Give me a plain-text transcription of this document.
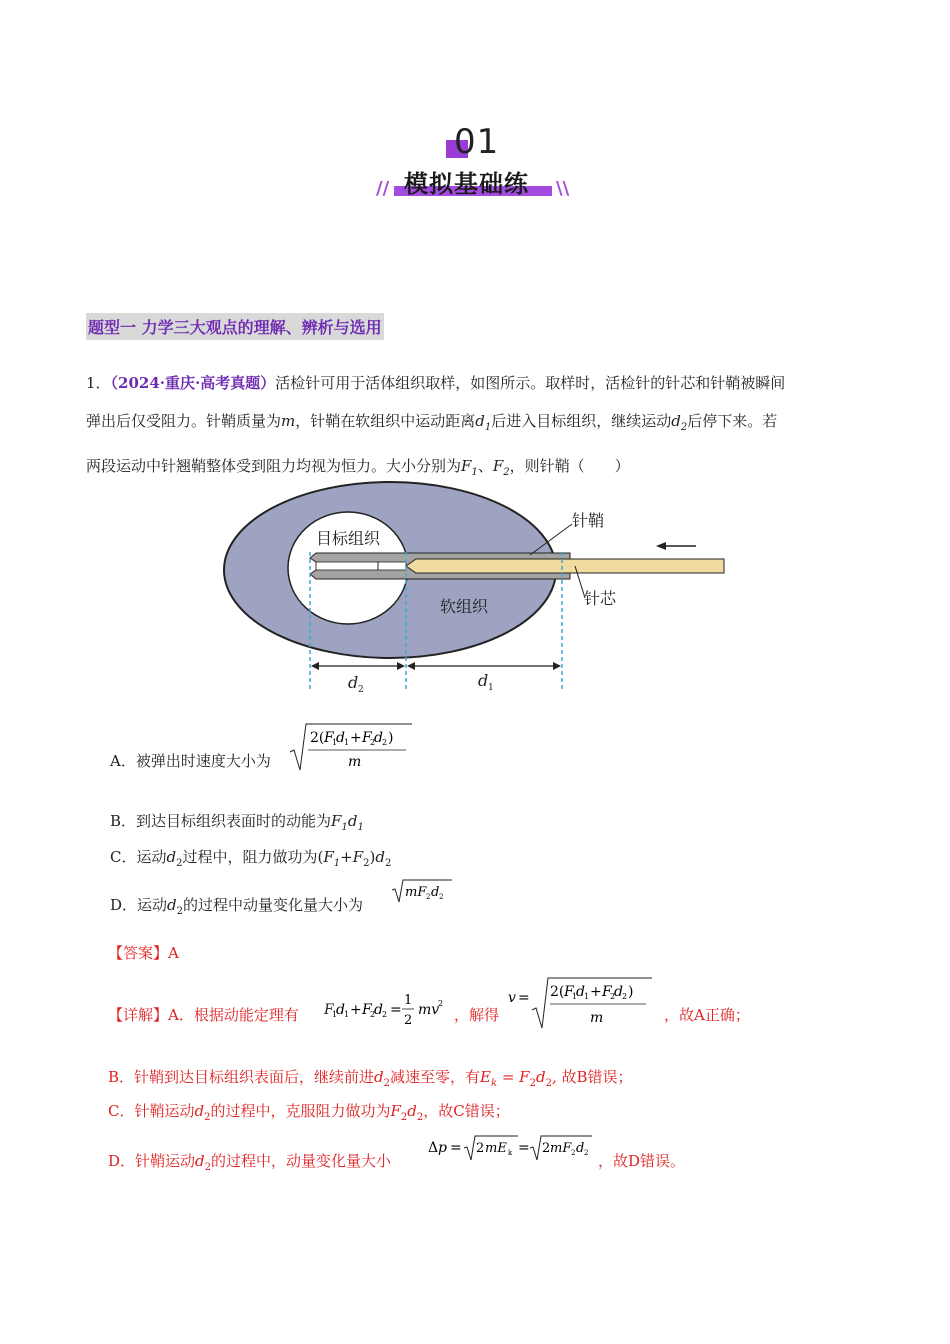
01
模拟基础练
//	\\
题型一 力学三大观点的理解、辨析与选用
1．（2024·重庆·高考真题）活检针可用于活体组织取样，如图所示。取样时，活检针的针芯和针鞘被瞬间
弹出后仅受阻力。针鞘质量为m，针鞘在软组织中运动距离$d_1$后进入目标组织，继续运动$d_2$后停下来。若
两段运动中针翘鞘整体受到阻力均视为恒力。大小分别为$F_1$、$F_2$，则针鞘（　　）
目标组织
软组织
针鞘
针芯
d 2	d 1
A．被弹出时速度大小为
2( F
1
d 1 + F
2
d 2 )
m
B．到达目标组织表面时的动能为$F_1d_1$
C．运动$d_2$过程中，阻力做功为$(F_1+F_2)d_2$
D．运动$d_2$的过程中动量变化量大小为
mF 2 d 2
【答案】A
【详解】A．根据动能定理有 F
1
d 1 + F
2
d 2 =
1
2
mv
2
，解得
v = 2( F
1
d 1 + F
2
d 2 )
m	，故A正确；
B．针鞘到达目标组织表面后，继续前进$d_2$减速至零，有$E_k = F_2d_2$, 故B错误；
C．针鞘运动$d_2$的过程中，克服阻力做功为$F_2d_2$，故C错误；
D．针鞘运动$d_2$的过程中，动量变化量大小
Δ p = 2 mE k = 2 mF 2 d 2 ，故D错误。
